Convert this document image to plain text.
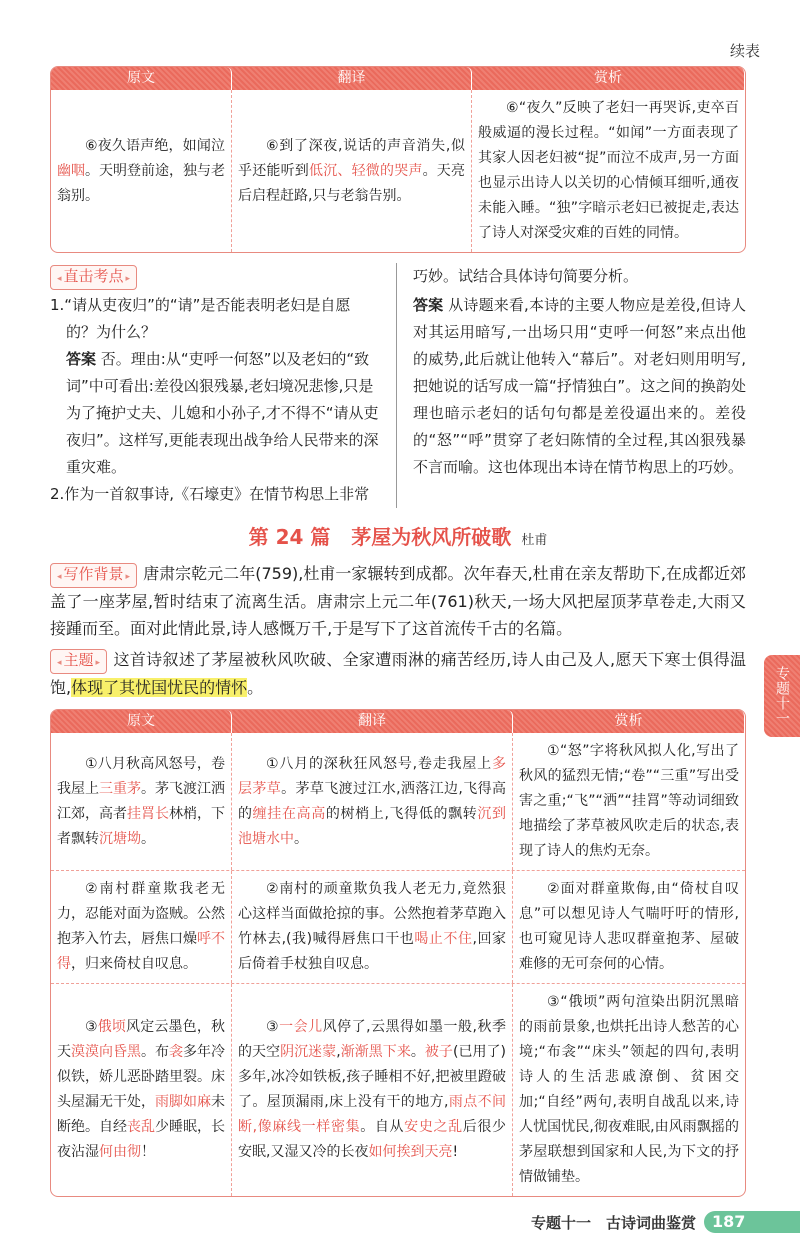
续表
原文	翻译	赏析

⑥夜久语声绝，如闻泣幽咽。天明登前途，独与老翁别。

⑥到了深夜,说话的声音消失,似乎还能听到低沉、轻微的哭声。天亮后启程赶路,只与老翁告别。

⑥“夜久”反映了老妇一再哭诉,吏卒百般威逼的漫长过程。“如闻”一方面表现了其家人因老妇被“捉”而泣不成声,另一方面也显示出诗人以关切的心情倾耳细听,通夜未能入睡。“独”字暗示老妇已被捉走,表达了诗人对深受灾难的百姓的同情。

◂ 直击考点 ▸
1.“请从吏夜归”的“请”是否能表明老妇是自愿的？为什么？
答案 否。理由:从“吏呼一何怒”以及老妇的“致词”中可看出:差役凶狠残暴,老妇境况悲惨,只是为了掩护丈夫、儿媳和小孙子,才不得不“请从吏夜归”。这样写,更能表现出战争给人民带来的深重灾难。
2.作为一首叙事诗,《石壕吏》在情节构思上非常
巧妙。试结合具体诗句简要分析。
答案 从诗题来看,本诗的主要人物应是差役,但诗人对其运用暗写,一出场只用“吏呼一何怒”来点出他的威势,此后就让他转入“幕后”。对老妇则用明写,把她说的话写成一篇“抒情独白”。这之间的换韵处理也暗示老妇的话句句都是差役逼出来的。差役的“怒”“呼”贯穿了老妇陈情的全过程,其凶狠残暴不言而喻。这也体现出本诗在情节构思上的巧妙。
第 24 篇 茅屋为秋风所破歌 杜甫
◂ 写作背景 ▸ 唐肃宗乾元二年(759),杜甫一家辗转到成都。次年春天,杜甫在亲友帮助下,在成都近郊盖了一座茅屋,暂时结束了流离生活。唐肃宗上元二年(761)秋天,一场大风把屋顶茅草卷走,大雨又接踵而至。面对此情此景,诗人感慨万千,于是写下了这首流传千古的名篇。
◂ 主题 ▸ 这首诗叙述了茅屋被秋风吹破、全家遭雨淋的痛苦经历,诗人由己及人,愿天下寒士俱得温饱,体现了其忧国忧民的情怀。
原文	翻译	赏析

①八月秋高风怒号，卷我屋上三重茅。茅飞渡江洒江郊，高者挂罥长林梢，下者飘转沉塘坳。

①八月的深秋狂风怒号,卷走我屋上多层茅草。茅草飞渡过江水,洒落江边,飞得高的缠挂在高高的树梢上,飞得低的飘转沉到池塘水中。

①“怒”字将秋风拟人化,写出了秋风的猛烈无情;“卷”“三重”写出受害之重;“飞”“洒”“挂罥”等动词细致地描绘了茅草被风吹走后的状态,表现了诗人的焦灼无奈。

②南村群童欺我老无力，忍能对面为盗贼。公然抱茅入竹去，唇焦口燥呼不得，归来倚杖自叹息。

②南村的顽童欺负我人老无力,竟然狠心这样当面做抢掠的事。公然抱着茅草跑入竹林去,(我)喊得唇焦口干也喝止不住,回家后倚着手杖独自叹息。

②面对群童欺侮,由“倚杖自叹息”可以想见诗人气喘吁吁的情形,也可窥见诗人悲叹群童抱茅、屋破难修的无可奈何的心情。

③俄顷风定云墨色，秋天漠漠向昏黑。布衾多年冷似铁，娇儿恶卧踏里裂。床头屋漏无干处，雨脚如麻未断绝。自经丧乱少睡眠，长夜沾湿何由彻！

③一会儿风停了,云黑得如墨一般,秋季的天空阴沉迷蒙,渐渐黑下来。被子(已用了)多年,冰冷如铁板,孩子睡相不好,把被里蹬破了。屋顶漏雨,床上没有干的地方,雨点不间断,像麻线一样密集。自从安史之乱后很少安眠,又湿又冷的长夜如何挨到天亮!

③“俄顷”两句渲染出阴沉黑暗的雨前景象,也烘托出诗人愁苦的心境;“布衾”“床头”领起的四句,表明诗人的生活悲戚潦倒、贫困交加;“自经”两句,表明自战乱以来,诗人忧国忧民,彻夜难眠,由风雨飘摇的茅屋联想到国家和人民,为下文的抒情做铺垫。

专题十一　古诗词曲鉴赏	187
专题十一
